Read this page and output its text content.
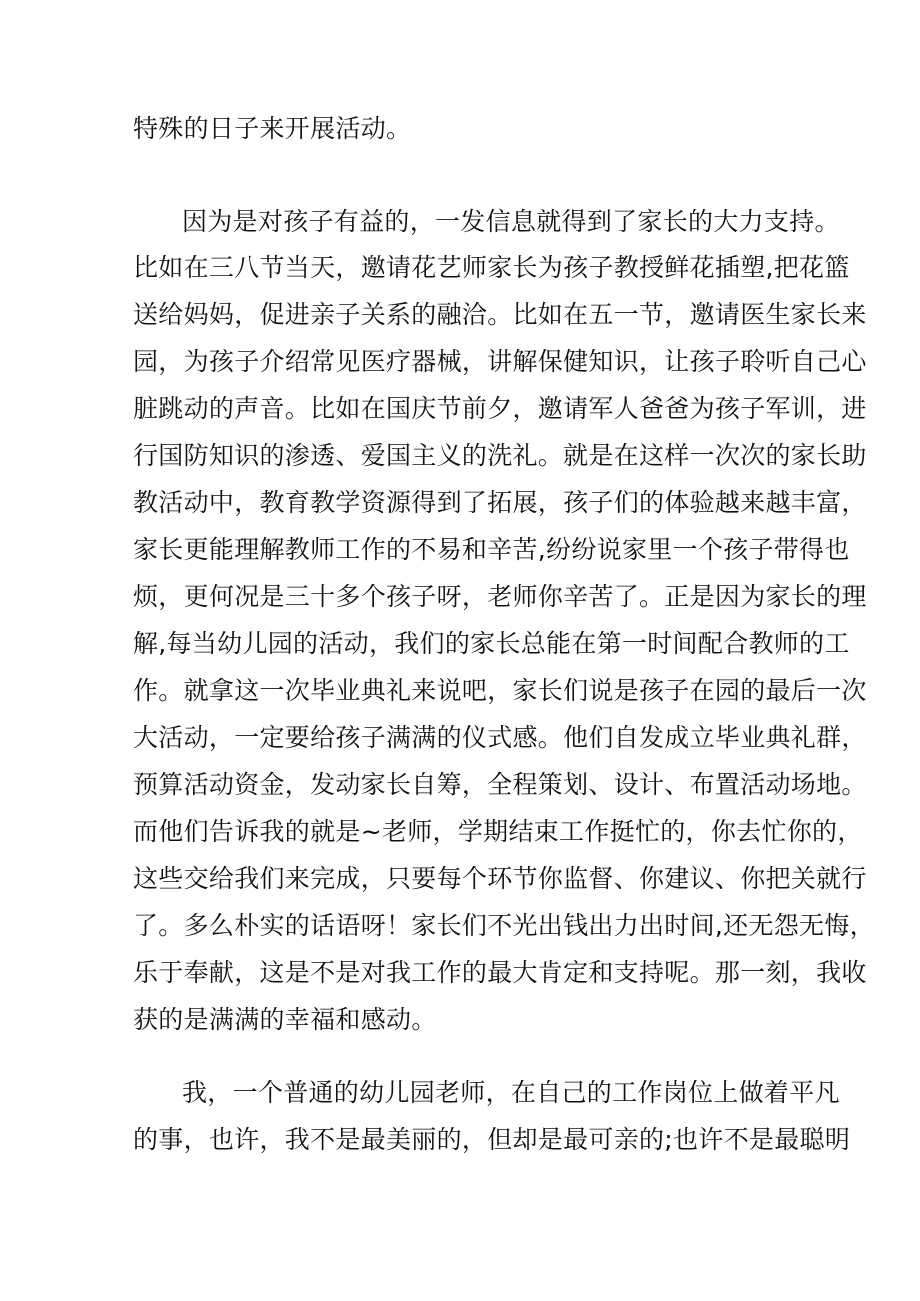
特殊的日子来开展活动。
因为是对孩子有益的，一发信息就得到了家长的大力支持。
比如在三八节当天，邀请花艺师家长为孩子教授鲜花插塑,把花篮
送给妈妈，促进亲子关系的融洽。比如在五一节，邀请医生家长来
园，为孩子介绍常见医疗器械，讲解保健知识，让孩子聆听自己心
脏跳动的声音。比如在国庆节前夕，邀请军人爸爸为孩子军训，进
行国防知识的渗透、爱国主义的洗礼。就是在这样一次次的家长助
教活动中，教育教学资源得到了拓展，孩子们的体验越来越丰富，
家长更能理解教师工作的不易和辛苦,纷纷说家里一个孩子带得也
烦，更何况是三十多个孩子呀，老师你辛苦了。正是因为家长的理
解,每当幼儿园的活动，我们的家长总能在第一时间配合教师的工
作。就拿这一次毕业典礼来说吧，家长们说是孩子在园的最后一次
大活动，一定要给孩子满满的仪式感。他们自发成立毕业典礼群，
预算活动资金，发动家长自筹，全程策划、设计、布置活动场地。
而他们告诉我的就是~老师，学期结束工作挺忙的，你去忙你的，
这些交给我们来完成，只要每个环节你监督、你建议、你把关就行
了。多么朴实的话语呀！家长们不光出钱出力出时间,还无怨无悔，
乐于奉献，这是不是对我工作的最大肯定和支持呢。那一刻，我收
获的是满满的幸福和感动。
我，一个普通的幼儿园老师，在自己的工作岗位上做着平凡
的事，也许，我不是最美丽的，但却是最可亲的;也许不是最聪明
